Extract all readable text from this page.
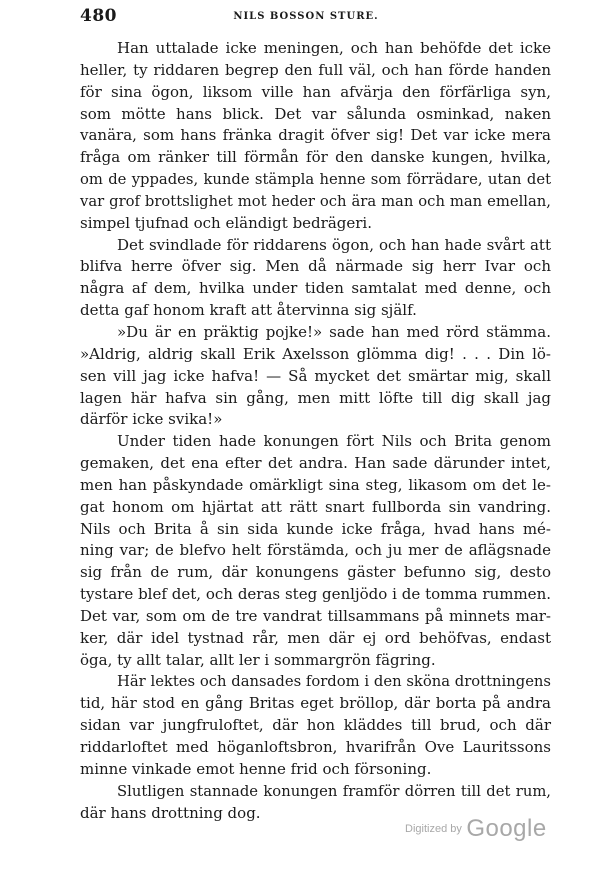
480	NILS BOSSON STURE.

Han uttalade icke meningen, och han behöfde det icke
heller, ty riddaren begrep den full väl, och han förde handen
för sina ögon, liksom ville han afvärja den förfärliga syn,
som mötte hans blick. Det var sålunda osminkad, naken
vanära, som hans fränka dragit öfver sig! Det var icke mera
fråga om ränker till förmån för den danske kungen, hvilka,
om de yppades, kunde stämpla henne som förrädare, utan det
var grof brottslighet mot heder och ära man och man emellan,
simpel tjufnad och eländigt bedrägeri.

Det svindlade för riddarens ögon, och han hade svårt att
blifva herre öfver sig. Men då närmade sig herr Ivar och
några af dem, hvilka under tiden samtalat med denne, och
detta gaf honom kraft att återvinna sig själf.

»Du är en präktig pojke!» sade han med rörd stämma.
»Aldrig, aldrig skall Erik Axelsson glömma dig! . . . Din lö-
sen vill jag icke hafva! — Så mycket det smärtar mig, skall
lagen här hafva sin gång, men mitt löfte till dig skall jag
därför icke svika!»

Under tiden hade konungen fört Nils och Brita genom
gemaken, det ena efter det andra. Han sade därunder intet,
men han påskyndade omärkligt sina steg, likasom om det le-
gat honom om hjärtat att rätt snart fullborda sin vandring.
Nils och Brita å sin sida kunde icke fråga, hvad hans mé-
ning var; de blefvo helt förstämda, och ju mer de aflägsnade
sig från de rum, där konungens gäster befunno sig, desto
tystare blef det, och deras steg genljödo i de tomma rummen.
Det var, som om de tre vandrat tillsammans på minnets mar-
ker, där idel tystnad rår, men där ej ord behöfvas, endast
öga, ty allt talar, allt ler i sommargrön fägring.

Här lektes och dansades fordom i den sköna drottningens
tid, här stod en gång Britas eget bröllop, där borta på andra
sidan var jungfruloftet, där hon kläddes till brud, och där
riddarloftet med höganloftsbron, hvarifrån Ove Lauritssons
minne vinkade emot henne frid och försoning.

Slutligen stannade konungen framför dörren till det rum,
där hans drottning dog.

Digitized by Google
